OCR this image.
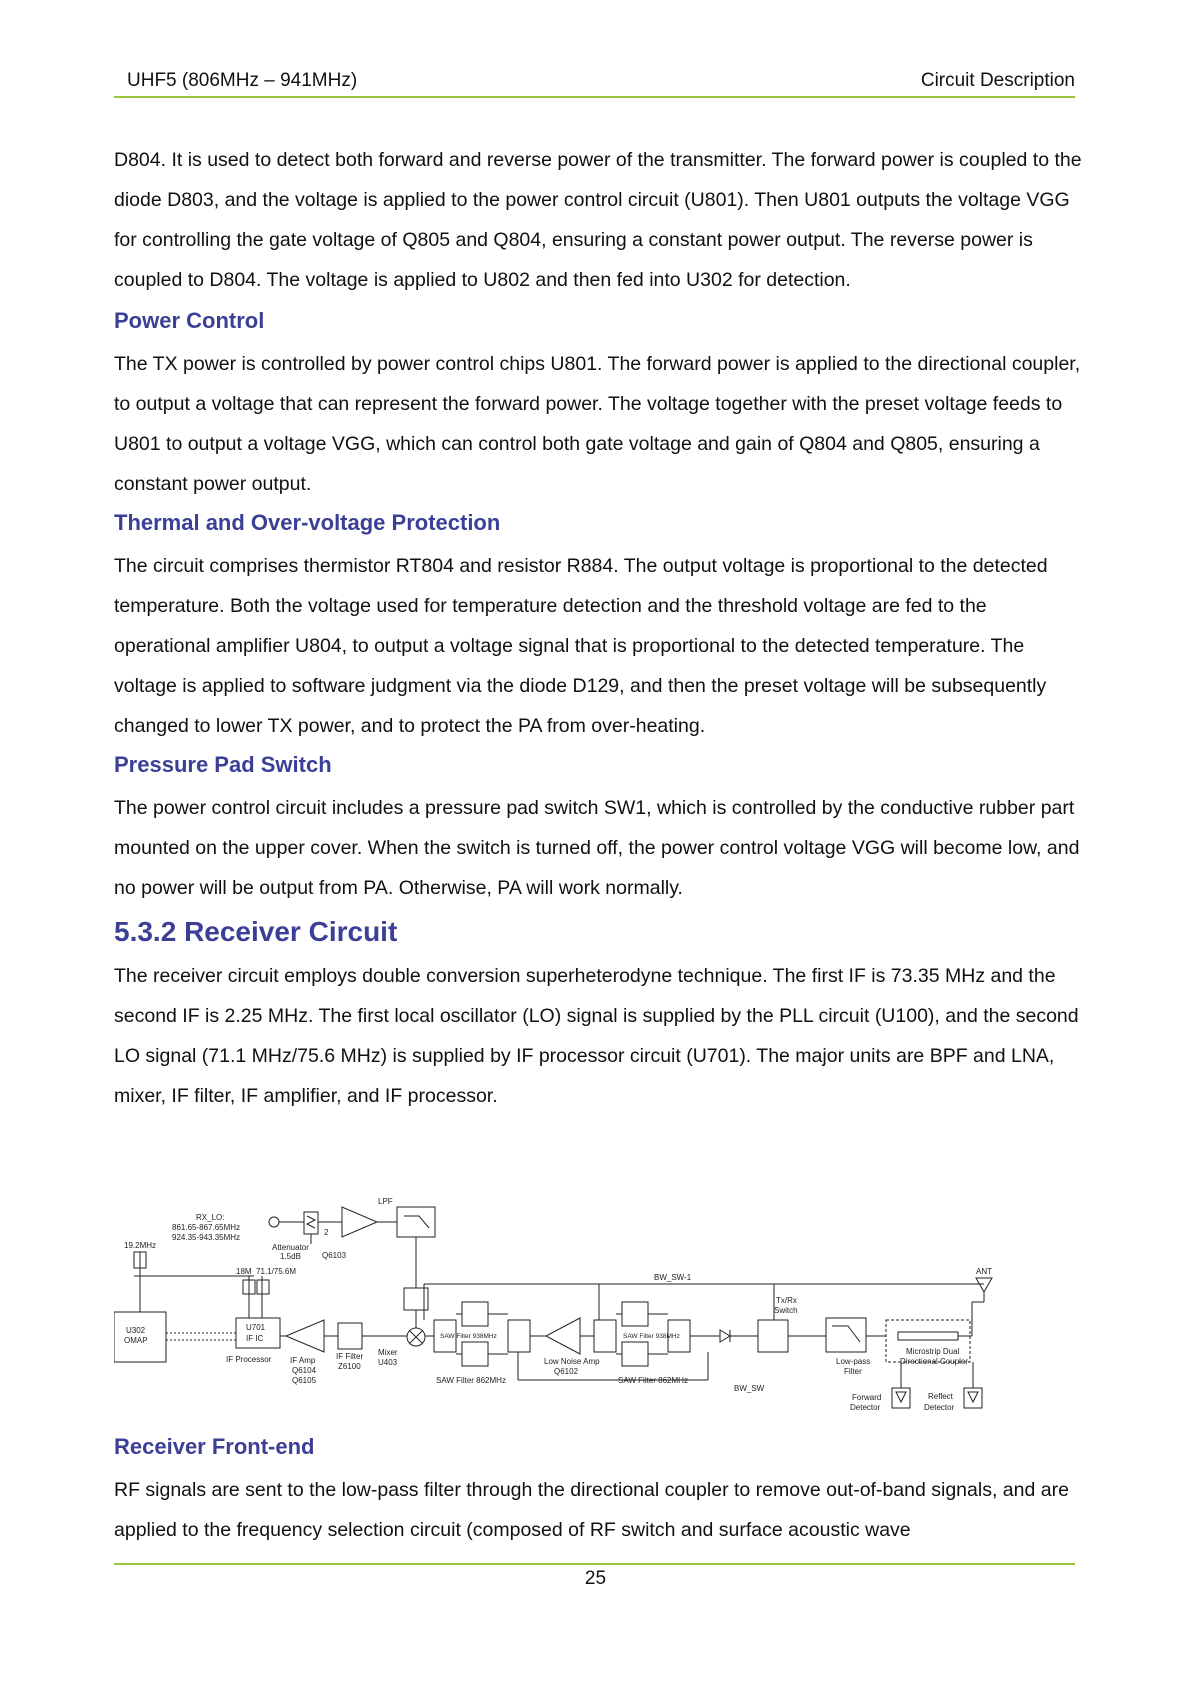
UHF5 (806MHz – 941MHz)	Circuit Description

D804. It is used to detect both forward and reverse power of the transmitter. The forward power is coupled to the diode D803, and the voltage is applied to the power control circuit (U801). Then U801 outputs the voltage VGG for controlling the gate voltage of Q805 and Q804, ensuring a constant power output. The reverse power is coupled to D804. The voltage is applied to U802 and then fed into U302 for detection.

Power Control

The TX power is controlled by power control chips U801. The forward power is applied to the directional coupler, to output a voltage that can represent the forward power. The voltage together with the preset voltage feeds to U801 to output a voltage VGG, which can control both gate voltage and gain of Q804 and Q805, ensuring a constant power output.

Thermal and Over-voltage Protection

The circuit comprises thermistor RT804 and resistor R884. The output voltage is proportional to the detected temperature. Both the voltage used for temperature detection and the threshold voltage are fed to the operational amplifier U804, to output a voltage signal that is proportional to the detected temperature. The voltage is applied to software judgment via the diode D129, and then the preset voltage will be subsequently changed to lower TX power, and to protect the PA from over-heating.

Pressure Pad Switch

The power control circuit includes a pressure pad switch SW1, which is controlled by the conductive rubber part mounted on the upper cover. When the switch is turned off, the power control voltage VGG will become low, and no power will be output from PA. Otherwise, PA will work normally.

5.3.2 Receiver Circuit

The receiver circuit employs double conversion superheterodyne technique. The first IF is 73.35 MHz and the second IF is 2.25 MHz. The first local oscillator (LO) signal is supplied by the PLL circuit (U100), and the second LO signal (71.1 MHz/75.6 MHz) is supplied by IF processor circuit (U701). The major units are BPF and LNA, mixer, IF filter, IF amplifier, and IF processor.

RX_LO:
861.65-867.65MHz
924.35-943.35MHz
Attenuator
1.5dB
2
Q6103
LPF
19.2MHz
18M 71.1/75.6M
BW_SW-1
ANT
Tx/Rx
Switch
U302
OMAP
U701
IF IC
IF Processor IF Amp
Q6104
Q6105
IF Filter
Z6100
Mixer
U403
SAW Filter 938MHz
SAW Filter 862MHz
Low Noise Amp
Q6102
SAW Filter 938MHz
SAW Filter 862MHz
BW_SW
Low-pass
Filter
Microstrip Dual
Directional Coupler
Forward
Detector
Reflect
Detector
Receiver Front-end

RF signals are sent to the low-pass filter through the directional coupler to remove out-of-band signals, and are applied to the frequency selection circuit (composed of RF switch and surface acoustic wave

25
